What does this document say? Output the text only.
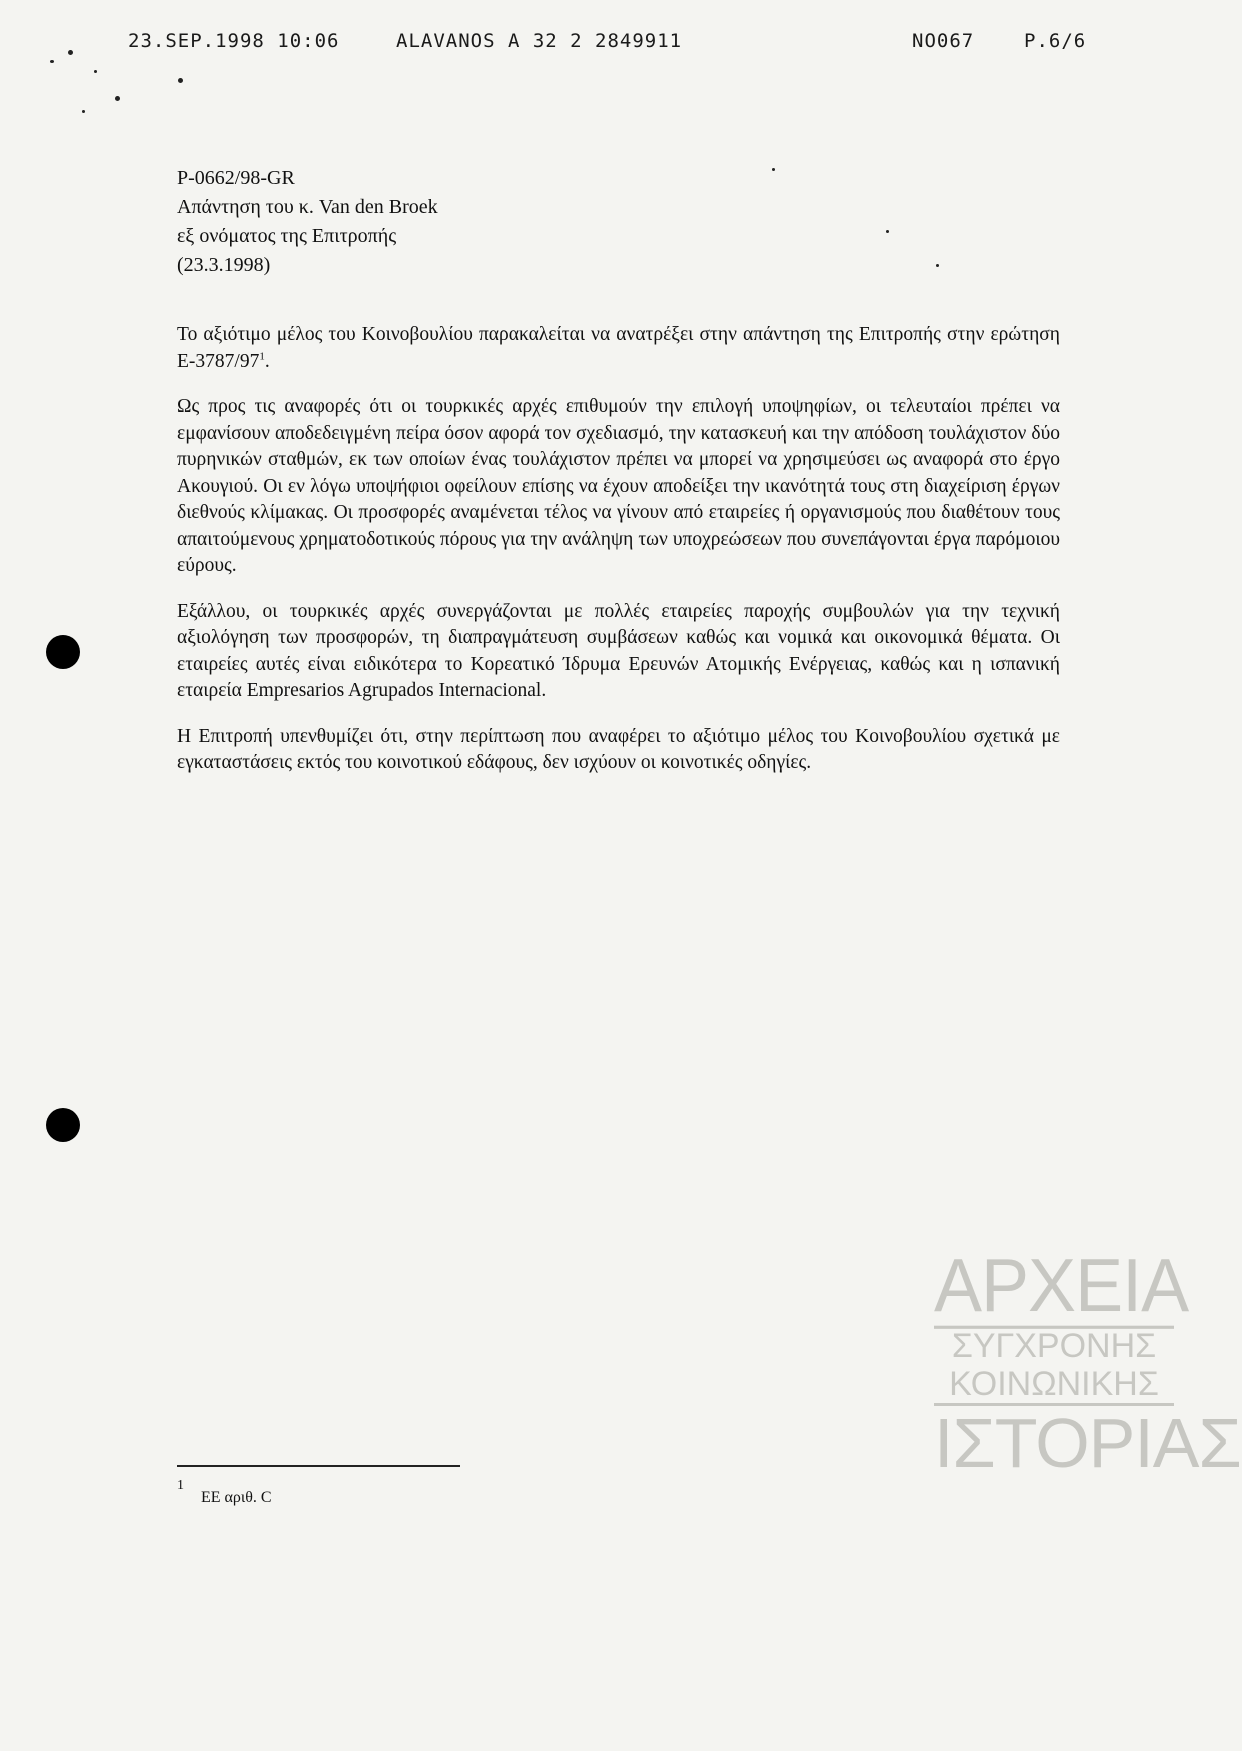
23.SEP.1998 10:06	ALAVANOS A 32 2 2849911	NO067	P.6/6
P-0662/98-GR
Απάντηση του κ. Van den Broek
εξ ονόματος της Επιτροπής
(23.3.1998)

Το αξιότιμο μέλος του Κοινοβουλίου παρακαλείται να ανατρέξει στην απάντηση της Επιτροπής στην ερώτηση $E-3787/97^1$.

Ως προς τις αναφορές ότι οι τουρκικές αρχές επιθυμούν την επιλογή υποψηφίων, οι τελευταίοι πρέπει να εμφανίσουν αποδεδειγμένη πείρα όσον αφορά τον σχεδιασμό, την κατασκευή και την απόδοση τουλάχιστον δύο πυρηνικών σταθμών, εκ των οποίων ένας τουλάχιστον πρέπει να μπορεί να χρησιμεύσει ως αναφορά στο έργο Ακουγιού. Οι εν λόγω υποψήφιοι οφείλουν επίσης να έχουν αποδείξει την ικανότητά τους στη διαχείριση έργων διεθνούς κλίμακας. Οι προσφορές αναμένεται τέλος να γίνουν από εταιρείες ή οργανισμούς που διαθέτουν τους απαιτούμενους χρηματοδοτικούς πόρους για την ανάληψη των υποχρεώσεων που συνεπάγονται έργα παρόμοιου εύρους.

Εξάλλου, οι τουρκικές αρχές συνεργάζονται με πολλές εταιρείες παροχής συμβουλών για την τεχνική αξιολόγηση των προσφορών, τη διαπραγμάτευση συμβάσεων καθώς και νομικά και οικονομικά θέματα. Οι εταιρείες αυτές είναι ειδικότερα το Κορεατικό Ίδρυμα Ερευνών Ατομικής Ενέργειας, καθώς και η ισπανική εταιρεία Empresarios Agrupados Internacional.

Η Επιτροπή υπενθυμίζει ότι, στην περίπτωση που αναφέρει το αξιότιμο μέλος του Κοινοβουλίου σχετικά με εγκαταστάσεις εκτός του κοινοτικού εδάφους, δεν ισχύουν οι κοινοτικές οδηγίες.

1
ΕΕ αριθ. C
ΑΡΧΕΙΑ
ΣΥΓΧΡΟΝΗΣ
ΚΟΙΝΩΝΙΚΗΣ
ΙΣΤΟΡΙΑΣ
